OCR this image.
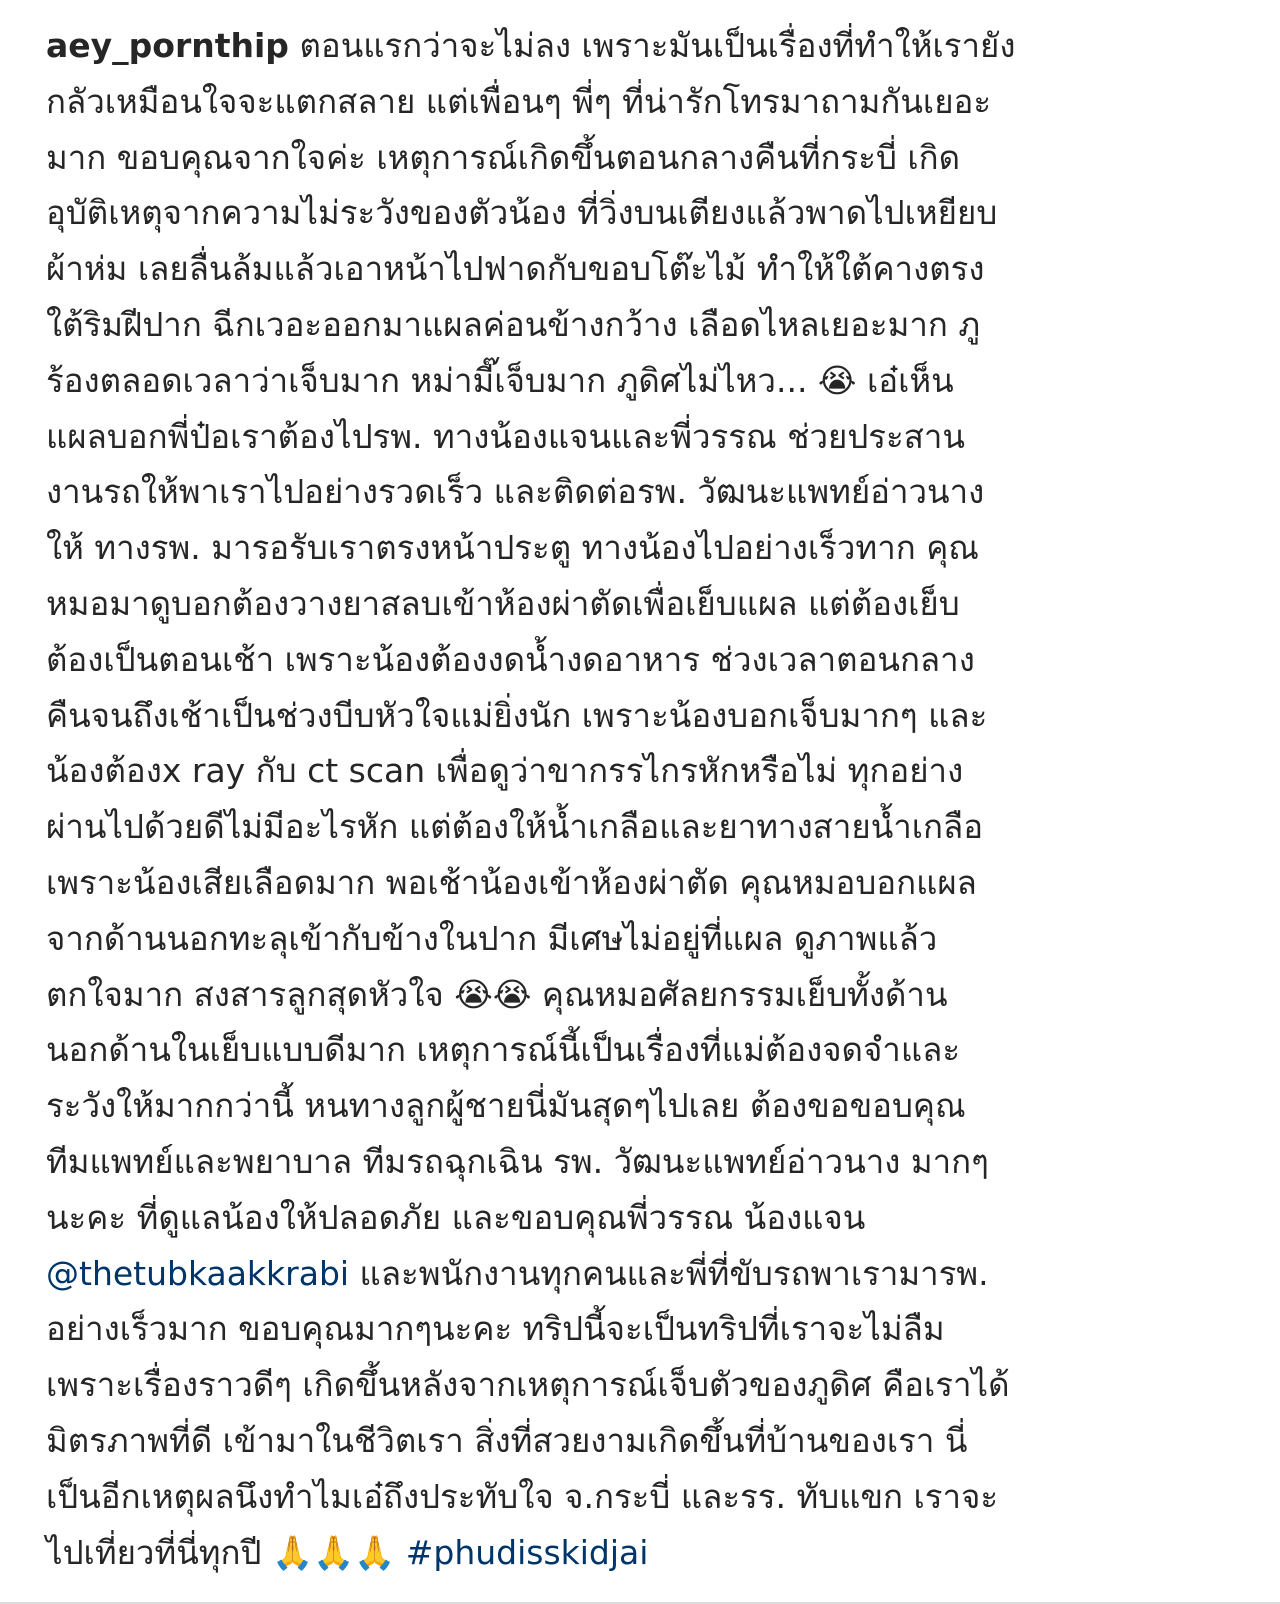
aey_pornthip ตอนแรกว่าจะไม่ลง เพราะมันเป็นเรื่องที่ทำให้เรายัง
กลัวเหมือนใจจะแตกสลาย แต่เพื่อนๆ พี่ๆ ที่น่ารักโทรมาถามกันเยอะ
มาก ขอบคุณจากใจค่ะ เหตุการณ์เกิดขึ้นตอนกลางคืนที่กระบี่ เกิด
อุบัติเหตุจากความไม่ระวังของตัวน้อง ที่วิ่งบนเตียงแล้วพาดไปเหยียบ
ผ้าห่ม เลยลื่นล้มแล้วเอาหน้าไปฟาดกับขอบโต๊ะไม้ ทำให้ใต้คางตรง
ใต้ริมฝีปาก ฉีกเวอะออกมาแผลค่อนข้างกว้าง เลือดไหลเยอะมาก ภู
ร้องตลอดเวลาว่าเจ็บมาก หม่ามี๊เจ็บมาก ภูดิศไม่ไหว... 😭 เอ๋เห็น
แผลบอกพี่ป๋อเราต้องไปรพ. ทางน้องแจนและพี่วรรณ ช่วยประสาน
งานรถให้พาเราไปอย่างรวดเร็ว และติดต่อรพ. วัฒนะแพทย์อ่าวนาง
ให้ ทางรพ. มารอรับเราตรงหน้าประตู ทางน้องไปอย่างเร็วทาก คุณ
หมอมาดูบอกต้องวางยาสลบเข้าห้องผ่าตัดเพื่อเย็บแผล แต่ต้องเย็บ
ต้องเป็นตอนเช้า เพราะน้องต้องงดน้ำงดอาหาร ช่วงเวลาตอนกลาง
คืนจนถึงเช้าเป็นช่วงบีบหัวใจแม่ยิ่งนัก เพราะน้องบอกเจ็บมากๆ และ
น้องต้องx ray กับ ct scan เพื่อดูว่าขากรรไกรหักหรือไม่ ทุกอย่าง
ผ่านไปด้วยดีไม่มีอะไรหัก แต่ต้องให้น้ำเกลือและยาทางสายน้ำเกลือ
เพราะน้องเสียเลือดมาก พอเช้าน้องเข้าห้องผ่าตัด คุณหมอบอกแผล
จากด้านนอกทะลุเข้ากับข้างในปาก มีเศษไม่อยู่ที่แผล ดูภาพแล้ว
ตกใจมาก สงสารลูกสุดหัวใจ 😭😭 คุณหมอศัลยกรรมเย็บทั้งด้าน
นอกด้านในเย็บแบบดีมาก เหตุการณ์นี้เป็นเรื่องที่แม่ต้องจดจำและ
ระวังให้มากกว่านี้ หนทางลูกผู้ชายนี่มันสุดๆไปเลย ต้องขอขอบคุณ
ทีมแพทย์และพยาบาล ทีมรถฉุกเฉิน รพ. วัฒนะแพทย์อ่าวนาง มากๆ
นะคะ ที่ดูแลน้องให้ปลอดภัย และขอบคุณพี่วรรณ น้องแจน
@thetubkaakkrabi และพนักงานทุกคนและพี่ที่ขับรถพาเรามารพ.
อย่างเร็วมาก ขอบคุณมากๆนะคะ ทริปนี้จะเป็นทริปที่เราจะไม่ลืม
เพราะเรื่องราวดีๆ เกิดขึ้นหลังจากเหตุการณ์เจ็บตัวของภูดิศ คือเราได้
มิตรภาพที่ดี เข้ามาในชีวิตเรา สิ่งที่สวยงามเกิดขึ้นที่บ้านของเรา นี่
เป็นอีกเหตุผลนึงทำไมเอ๋ถึงประทับใจ จ.กระบี่ และรร. ทับแขก เราจะ
ไปเที่ยวที่นี่ทุกปี 🙏🙏🙏 #phudisskidjai
